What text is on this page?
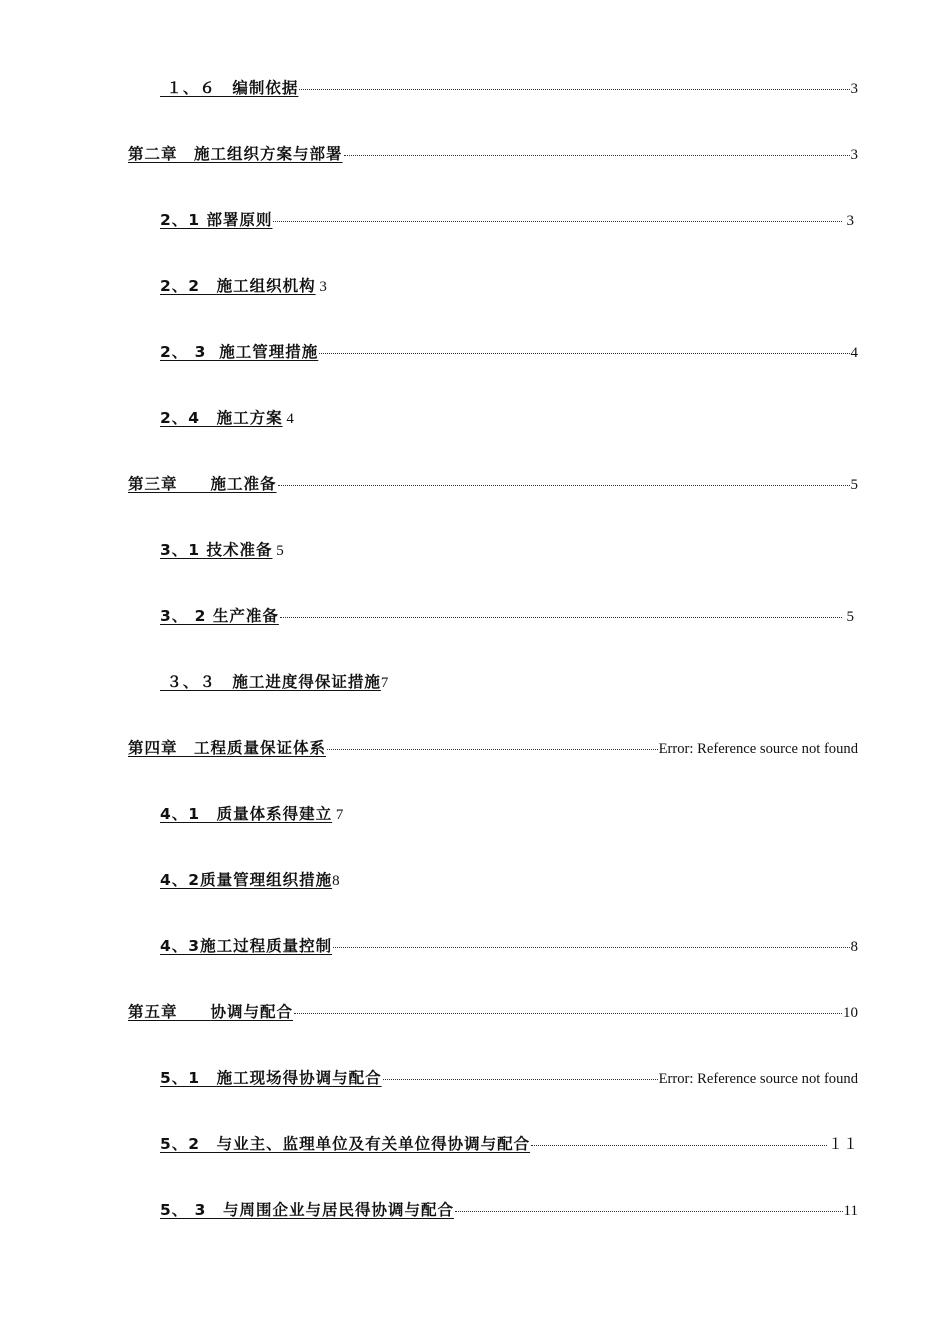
１、６　编制依据	3
第二章　施工组织方案与部署	3
2、1 部署原则	3
2、2　施工组织机构 3
2、 3  施工管理措施	4
2、4　施工方案 4
第三章　　施工准备	5
3、1 技术准备 5
3、 2 生产准备	5
３、３　施工进度得保证措施 7
第四章　工程质量保证体系	Error: Reference source not found
4、1　质量体系得建立 7
4、2质量管理组织措施 8
4、3施工过程质量控制	8
第五章　　协调与配合	10
5、1　施工现场得协调与配合	Error: Reference source not found
5、2　与业主、监理单位及有关单位得协调与配合	１１
5、 3　与周围企业与居民得协调与配合	11
